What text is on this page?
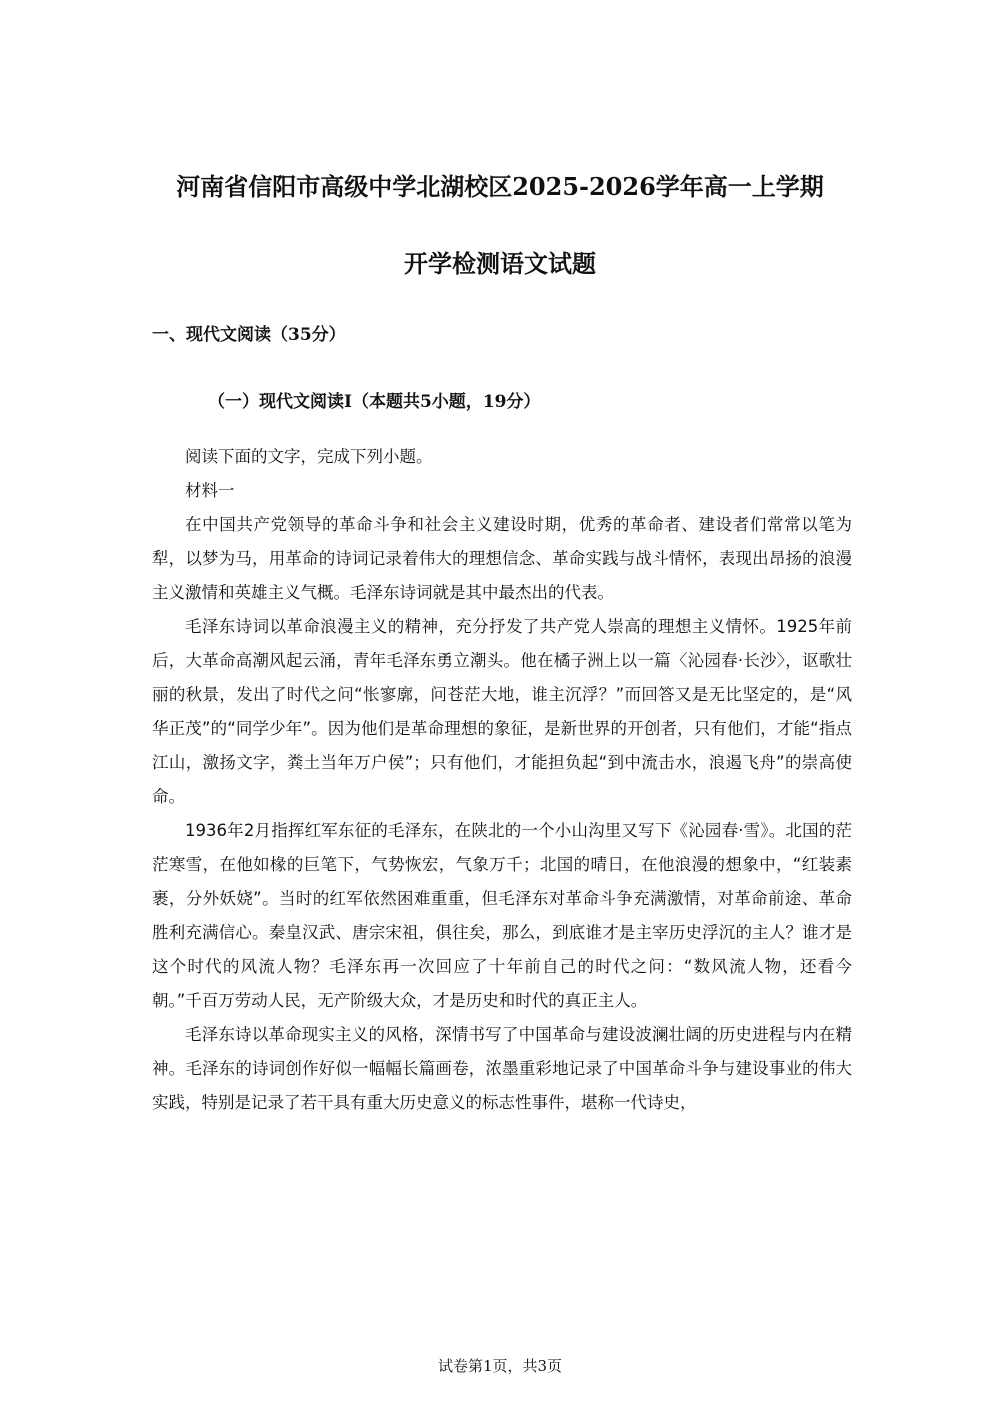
河南省信阳市高级中学北湖校区2025-2026学年高一上学期
开学检测语文试题
一、现代文阅读（35分）
（一）现代文阅读I（本题共5小题，19分）

阅读下面的文字，完成下列小题。

材料一

在中国共产党领导的革命斗争和社会主义建设时期，优秀的革命者、建设者们常常以笔为犁，以梦为马，用革命的诗词记录着伟大的理想信念、革命实践与战斗情怀，表现出昂扬的浪漫主义激情和英雄主义气概。毛泽东诗词就是其中最杰出的代表。

毛泽东诗词以革命浪漫主义的精神，充分抒发了共产党人崇高的理想主义情怀。1925年前后，大革命高潮风起云涌，青年毛泽东勇立潮头。他在橘子洲上以一篇〈沁园春·长沙〉，讴歌壮丽的秋景，发出了时代之问“怅寥廓，问苍茫大地，谁主沉浮？”而回答又是无比坚定的，是“风华正茂”的“同学少年”。因为他们是革命理想的象征，是新世界的开创者，只有他们，才能“指点江山，激扬文字，粪土当年万户侯”；只有他们，才能担负起“到中流击水，浪遏飞舟”的崇高使命。

1936年2月指挥红军东征的毛泽东，在陕北的一个小山沟里又写下《沁园春·雪》。北国的茫茫寒雪，在他如椽的巨笔下，气势恢宏，气象万千；北国的晴日，在他浪漫的想象中，“红装素裹，分外妖娆”。当时的红军依然困难重重，但毛泽东对革命斗争充满激情，对革命前途、革命胜利充满信心。秦皇汉武、唐宗宋祖，俱往矣，那么，到底谁才是主宰历史浮沉的主人？谁才是这个时代的风流人物？毛泽东再一次回应了十年前自己的时代之问：“数风流人物，还看今朝。”千百万劳动人民，无产阶级大众，才是历史和时代的真正主人。

毛泽东诗以革命现实主义的风格，深情书写了中国革命与建设波澜壮阔的历史进程与内在精神。毛泽东的诗词创作好似一幅幅长篇画卷，浓墨重彩地记录了中国革命斗争与建设事业的伟大实践，特别是记录了若干具有重大历史意义的标志性事件，堪称一代诗史，

试卷第1页，共3页
